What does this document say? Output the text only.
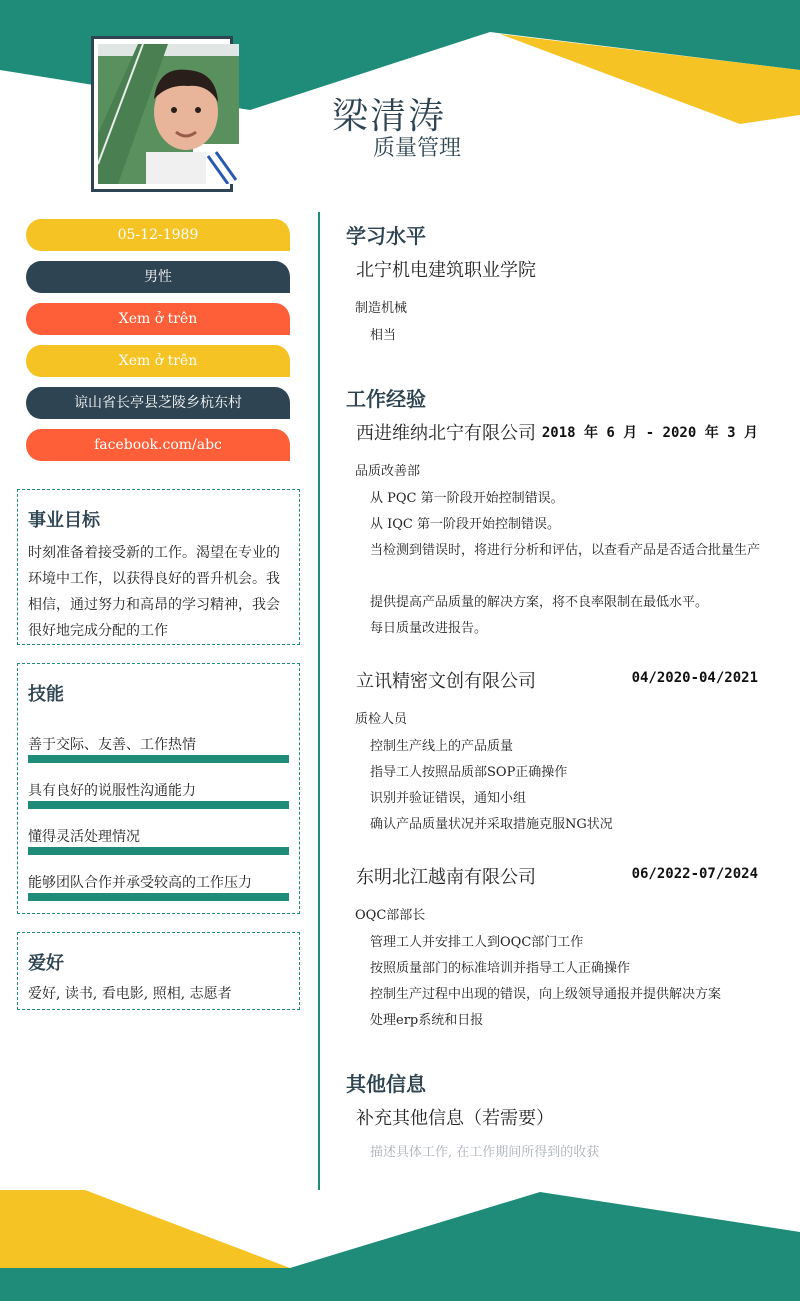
梁清涛
质量管理
05-12-1989
男性
Xem ở trên
Xem ở trên
谅山省长亭县芝陵乡杭东村
facebook.com/abc
事业目标

时刻准备着接受新的工作。渴望在专业的环境中工作，以获得良好的晋升机会。我相信，通过努力和高昂的学习精神，我会很好地完成分配的工作

技能
善于交际、友善、工作热情
具有良好的说服性沟通能力
懂得灵活处理情况
能够团队合作并承受较高的工作压力
爱好

爱好, 读书, 看电影, 照相, 志愿者

学习水平
北宁机电建筑职业学院
制造机械
相当
工作经验
西进维纳北宁有限公司 2018 年 6 月 - 2020 年 3 月
品质改善部
从 PQC 第一阶段开始控制错误。
从 IQC 第一阶段开始控制错误。
当检测到错误时，将进行分析和评估，以查看产品是否适合批量生产
提供提高产品质量的解决方案，将不良率限制在最低水平。
每日质量改进报告。
立讯精密文创有限公司	04/2020-04/2021
质检人员
控制生产线上的产品质量
指导工人按照品质部SOP正确操作
识别并验证错误，通知小组
确认产品质量状况并采取措施克服NG状况
东明北江越南有限公司	06/2022-07/2024
OQC部部长
管理工人并安排工人到OQC部门工作
按照质量部门的标准培训并指导工人正确操作
控制生产过程中出现的错误，向上级领导通报并提供解决方案
处理erp系统和日报
其他信息
补充其他信息（若需要）
描述具体工作, 在工作期间所得到的收获
